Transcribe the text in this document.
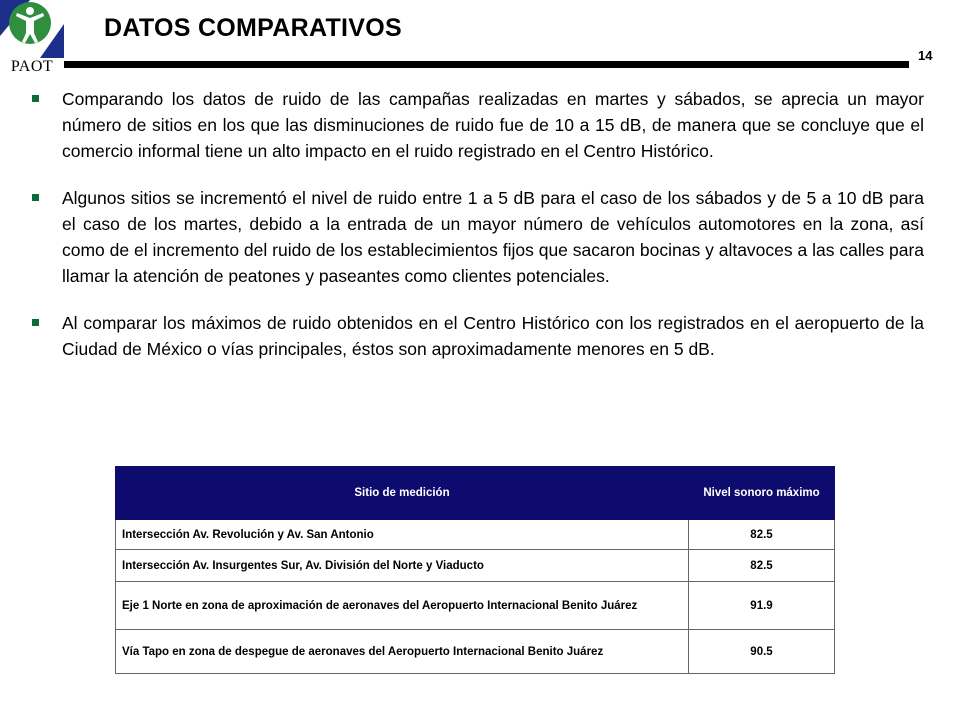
PAOT
DATOS COMPARATIVOS
14
Comparando los datos de ruido de las campañas realizadas en martes y sábados, se aprecia un mayor número de sitios en los que las disminuciones de ruido fue de 10 a 15 dB, de manera que se concluye que el comercio informal tiene un alto impacto en el ruido registrado en el Centro Histórico.
Algunos sitios se incrementó el nivel de ruido entre 1 a 5 dB para el caso de los sábados y de 5 a 10 dB para el caso de los martes, debido a la entrada de un mayor número de vehículos automotores en la zona, así como de el incremento del ruido de los establecimientos fijos que sacaron bocinas y altavoces a las calles para llamar la atención de peatones y paseantes como clientes potenciales.
Al comparar los máximos de ruido obtenidos en el Centro Histórico con los registrados en el aeropuerto de la Ciudad de México o vías principales, éstos son aproximadamente menores en 5 dB.
Sitio de medición	Nivel sonoro máximo
Intersección Av. Revolución y Av. San Antonio	82.5
Intersección Av. Insurgentes Sur, Av. División del Norte y Viaducto	82.5
Eje 1 Norte en zona de aproximación de aeronaves del Aeropuerto Internacional Benito Juárez	91.9
Vía Tapo en zona de despegue de aeronaves del Aeropuerto Internacional Benito Juárez	90.5
